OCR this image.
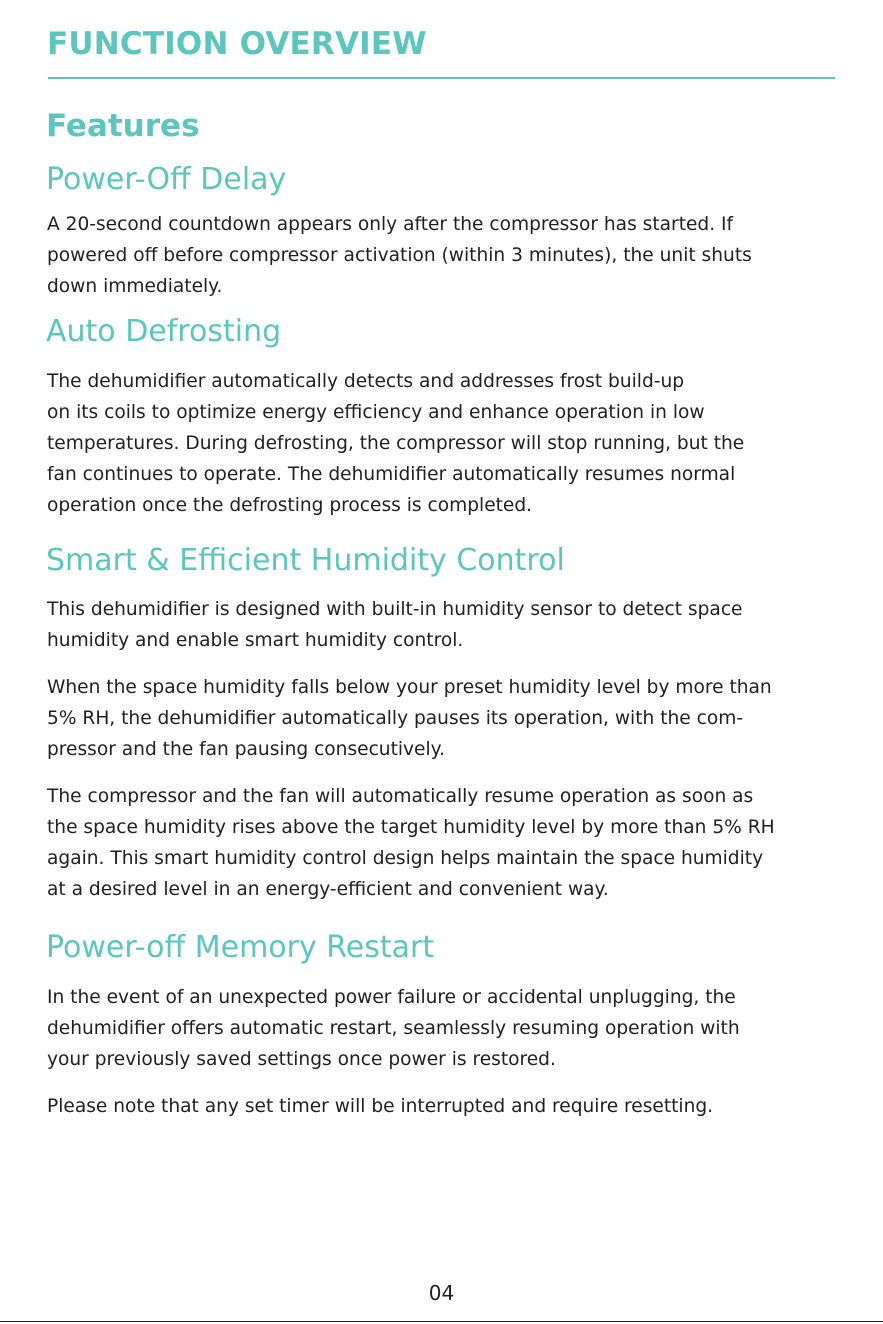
FUNCTION OVERVIEW
Features
Power-Off Delay

A 20-second countdown appears only after the compressor has started. If
powered off before compressor activation (within 3 minutes), the unit shuts
down immediately.

Auto Defrosting

The dehumidifier automatically detects and addresses frost build-up
on its coils to optimize energy efficiency and enhance operation in low
temperatures. During defrosting, the compressor will stop running, but the
fan continues to operate. The dehumidifier automatically resumes normal
operation once the defrosting process is completed.

Smart & Efficient Humidity Control

This dehumidifier is designed with built-in humidity sensor to detect space
humidity and enable smart humidity control.

When the space humidity falls below your preset humidity level by more than
5% RH, the dehumidifier automatically pauses its operation, with the com-
pressor and the fan pausing consecutively.

The compressor and the fan will automatically resume operation as soon as
the space humidity rises above the target humidity level by more than 5% RH
again. This smart humidity control design helps maintain the space humidity
at a desired level in an energy-efficient and convenient way.

Power-off Memory Restart

In the event of an unexpected power failure or accidental unplugging, the
dehumidifier offers automatic restart, seamlessly resuming operation with
your previously saved settings once power is restored.

Please note that any set timer will be interrupted and require resetting.

04
